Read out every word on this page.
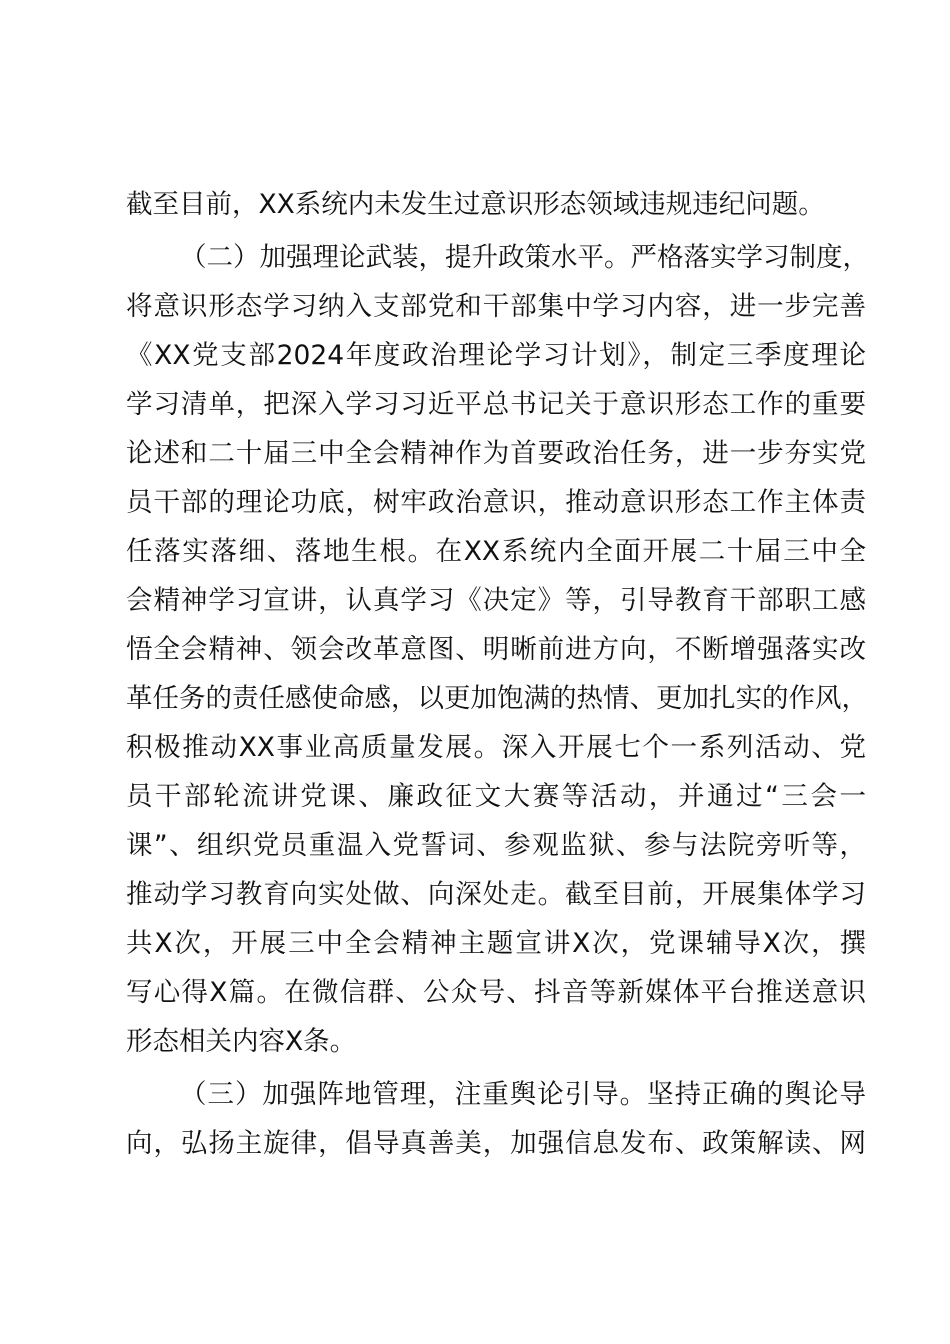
截至目前，XX系统内未发生过意识形态领域违规违纪问题。
（二）加强理论武装，提升政策水平。严格落实学习制度，
将意识形态学习纳入支部党和干部集中学习内容，进一步完善
《XX党支部2024年度政治理论学习计划》，制定三季度理论
学习清单，把深入学习习近平总书记关于意识形态工作的重要
论述和二十届三中全会精神作为首要政治任务，进一步夯实党
员干部的理论功底，树牢政治意识，推动意识形态工作主体责
任落实落细、落地生根。在XX系统内全面开展二十届三中全
会精神学习宣讲，认真学习《决定》等，引导教育干部职工感
悟全会精神、领会改革意图、明晰前进方向，不断增强落实改
革任务的责任感使命感，以更加饱满的热情、更加扎实的作风，
积极推动XX事业高质量发展。深入开展七个一系列活动、党
员干部轮流讲党课、廉政征文大赛等活动，并通过“三会一
课”、组织党员重温入党誓词、参观监狱、参与法院旁听等，
推动学习教育向实处做、向深处走。截至目前，开展集体学习
共X次，开展三中全会精神主题宣讲X次，党课辅导X次，撰
写心得X篇。在微信群、公众号、抖音等新媒体平台推送意识
形态相关内容X条。
（三）加强阵地管理，注重舆论引导。坚持正确的舆论导
向，弘扬主旋律，倡导真善美，加强信息发布、政策解读、网
